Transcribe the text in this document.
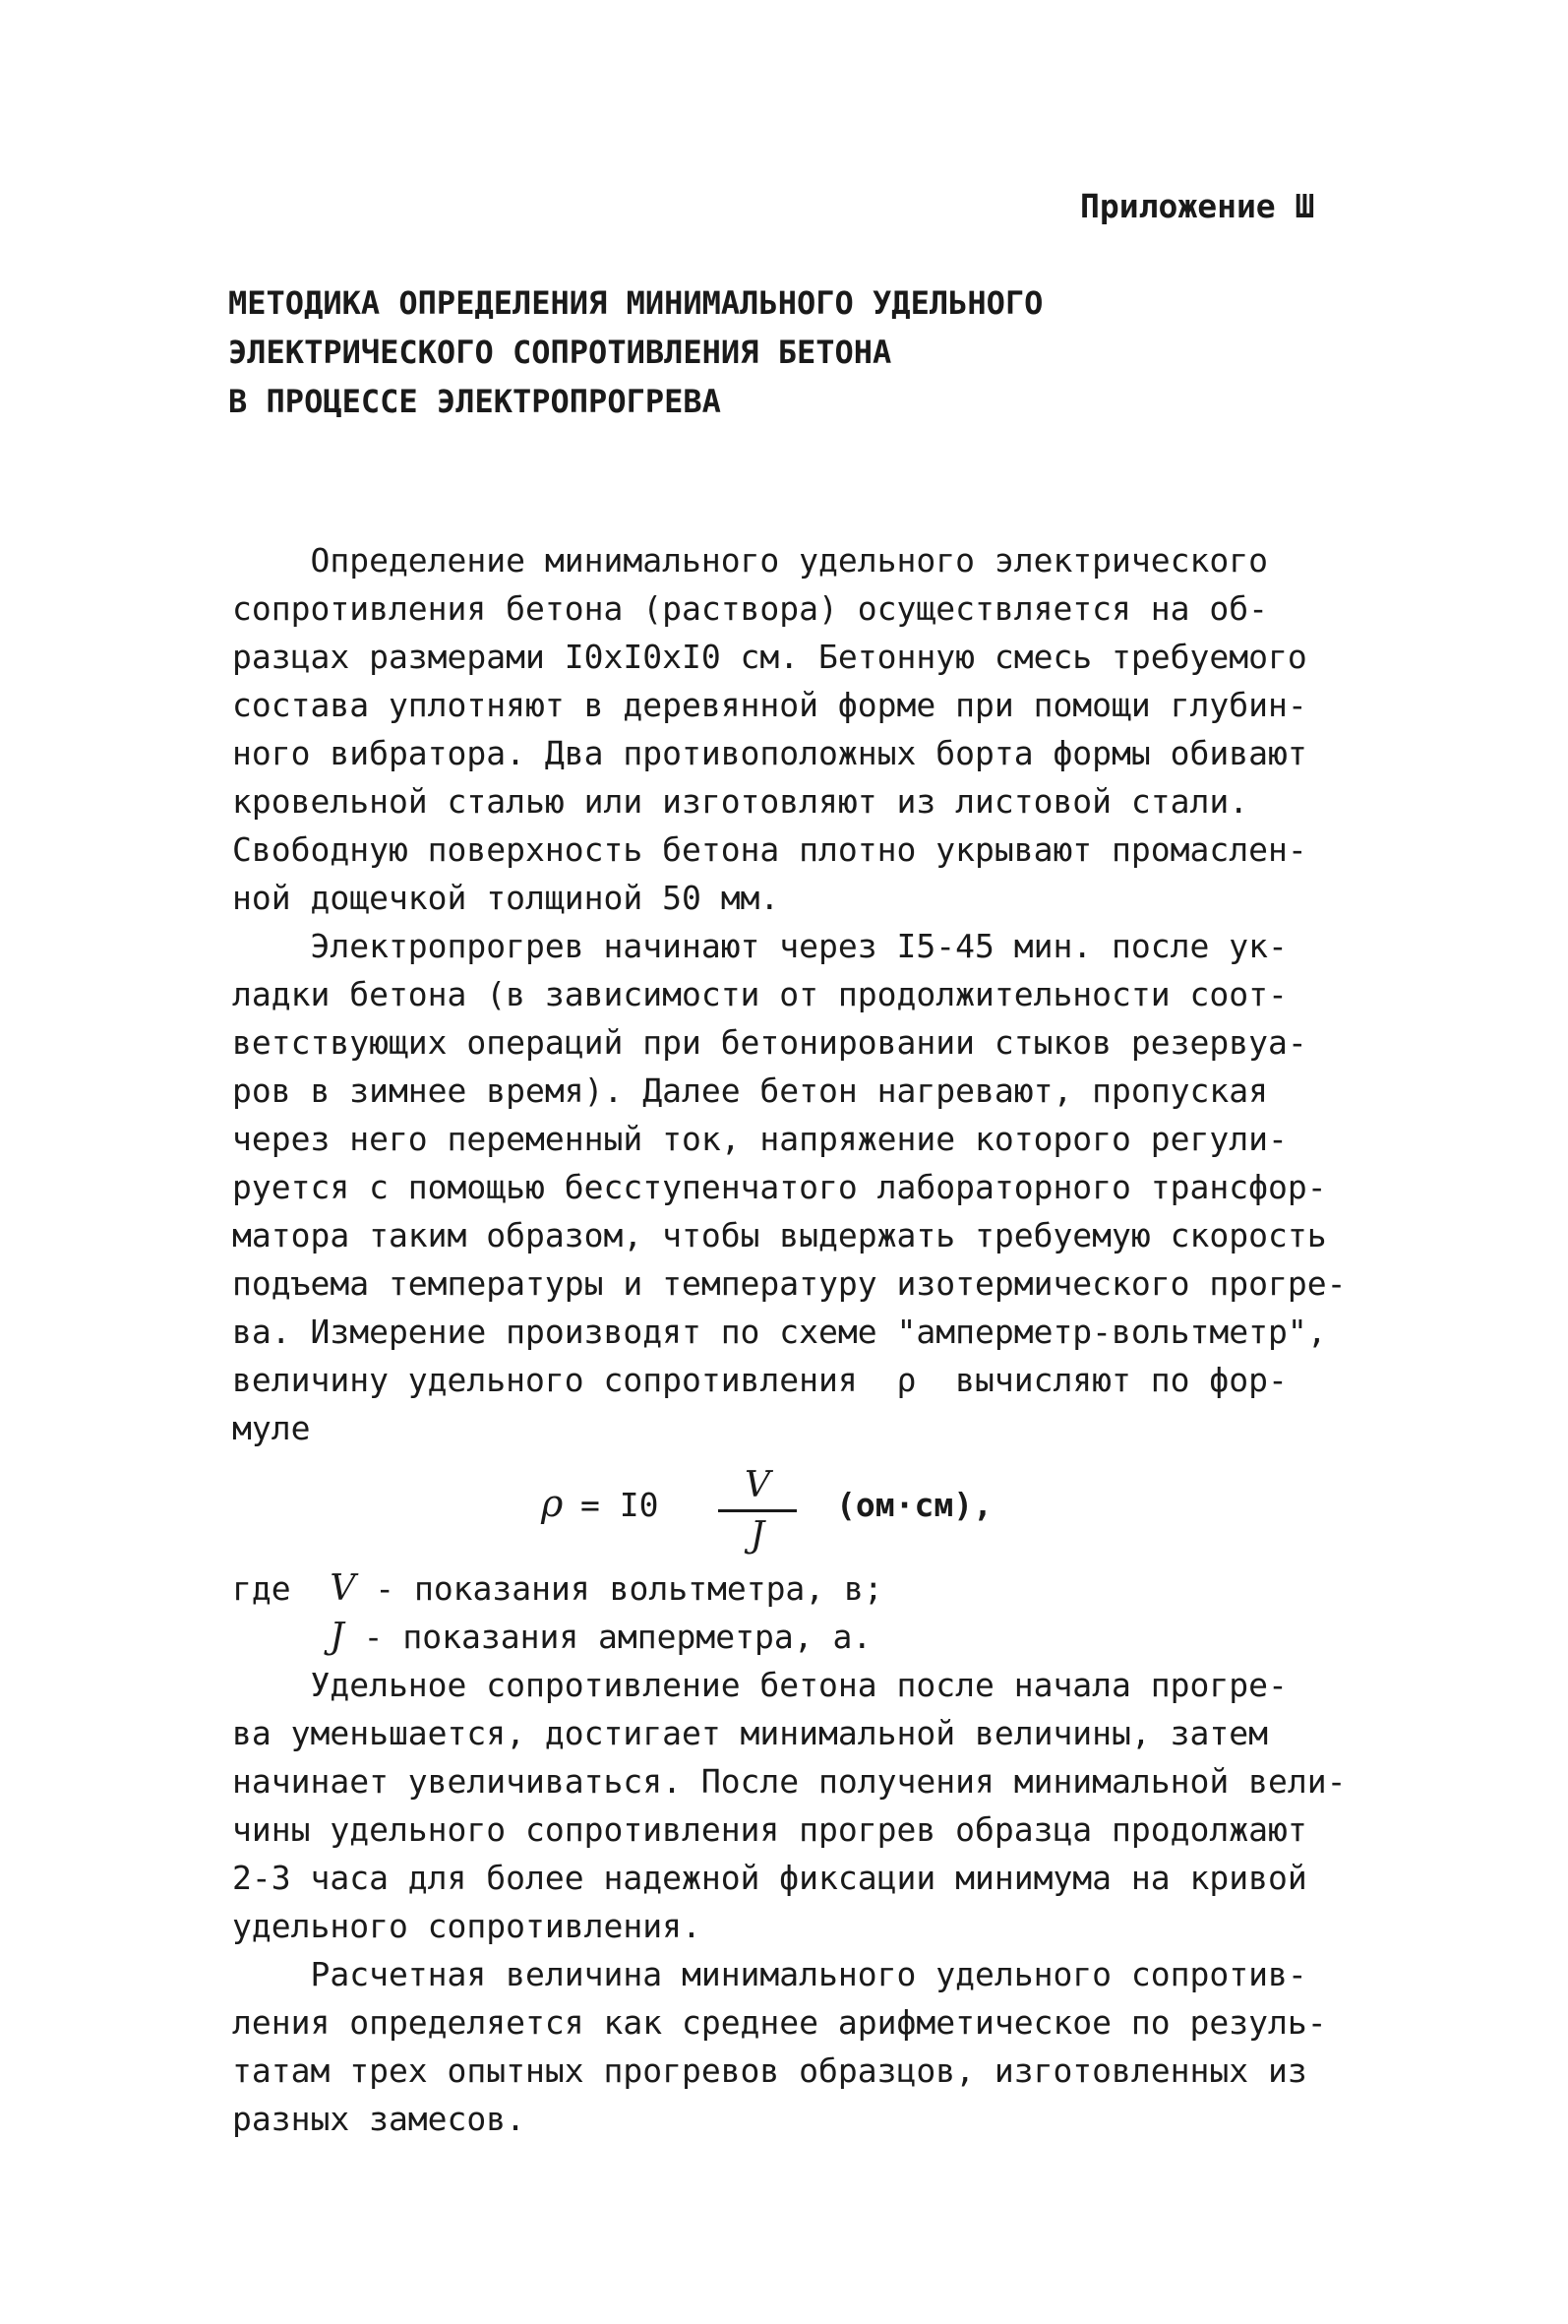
Приложение Ш
МЕТОДИКА ОПРЕДЕЛЕНИЯ МИНИМАЛЬНОГО УДЕЛЬНОГО
ЭЛЕКТРИЧЕСКОГО СОПРОТИВЛЕНИЯ БЕТОНА
В ПРОЦЕССЕ ЭЛЕКТРОПРОГРЕВА
Определение минимального удельного электрического
сопротивления бетона (раствора) осуществляется на об-
разцах размерами I0хI0хI0 см. Бетонную смесь требуемого
состава уплотняют в деревянной форме при помощи глубин-
ного вибратора. Два противоположных борта формы обивают
кровельной сталью или изготовляют из листовой стали.
Свободную поверхность бетона плотно укрывают промаслен-
ной дощечкой толщиной 50 мм.
Электропрогрев начинают через I5-45 мин. после ук-
ладки бетона (в зависимости от продолжительности соот-
ветствующих операций при бетонировании стыков резервуа-
ров в зимнее время). Далее бетон нагревают, пропуская
через него переменный ток, напряжение которого регули-
руется с помощью бесступенчатого лабораторного трансфор-
матора таким образом, чтобы выдержать требуемую скорость
подъема температуры и температуру изотермического прогре-
ва. Измерение производят по схеме "амперметр-вольтметр",
величину удельного сопротивления  ρ  вычисляют по фор-
муле
ρ = I0	V
J
(ом·см),
где  V - показания вольтметра, в;
J - показания амперметра, а.
Удельное сопротивление бетона после начала прогре-
ва уменьшается, достигает минимальной величины, затем
начинает увеличиваться. После получения минимальной вели-
чины удельного сопротивления прогрев образца продолжают
2-3 часа для более надежной фиксации минимума на кривой
удельного сопротивления.
Расчетная величина минимального удельного сопротив-
ления определяется как среднее арифметическое по резуль-
татам трех опытных прогревов образцов, изготовленных из
разных замесов.
